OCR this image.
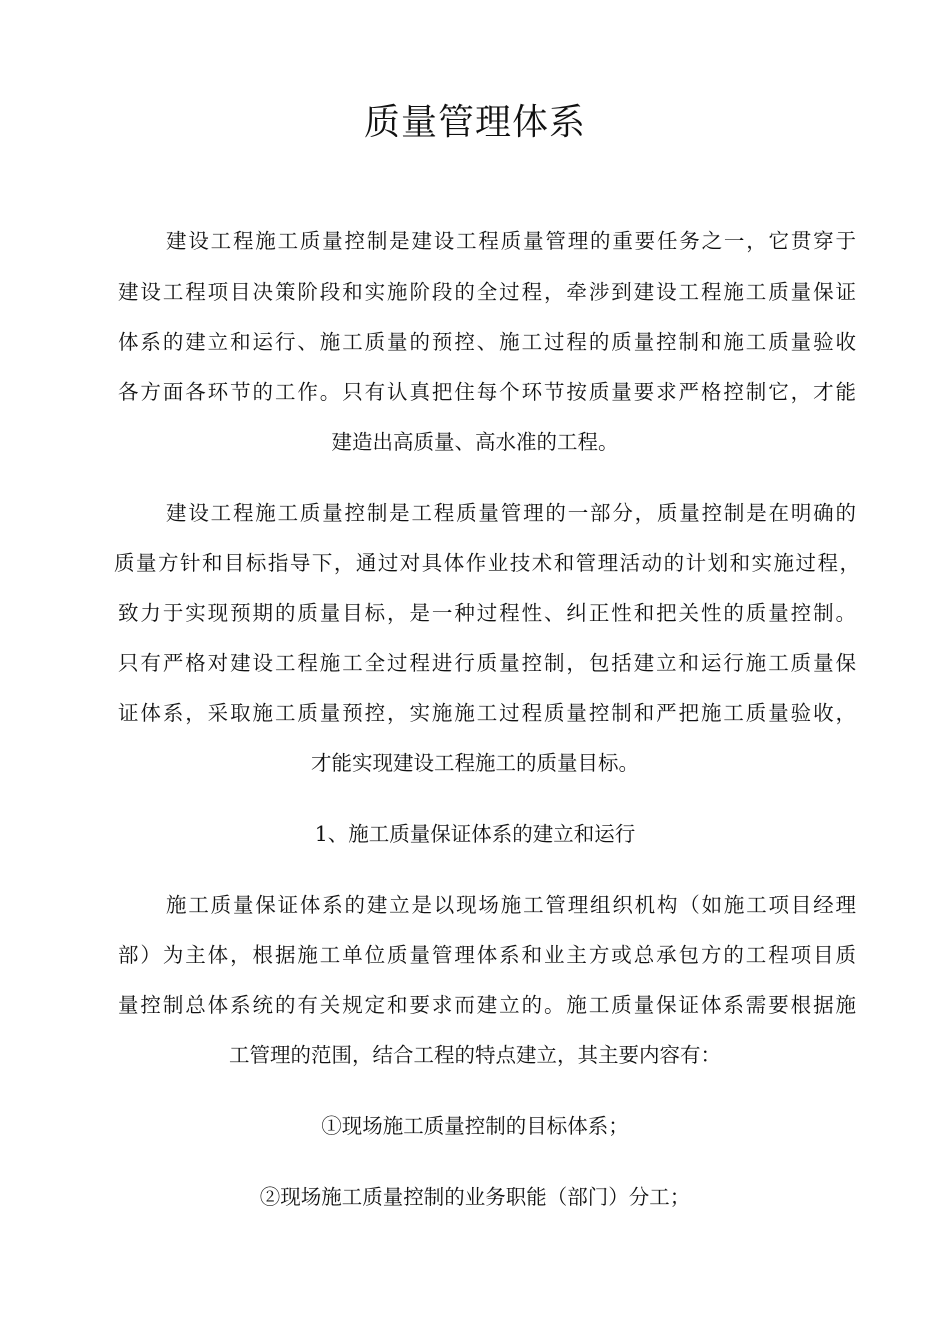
质量管理体系
建设工程施工质量控制是建设工程质量管理的重要任务之一，它贯穿于
建设工程项目决策阶段和实施阶段的全过程，牵涉到建设工程施工质量保证
体系的建立和运行、施工质量的预控、施工过程的质量控制和施工质量验收
各方面各环节的工作。只有认真把住每个环节按质量要求严格控制它，才能
建造出高质量、高水准的工程。
建设工程施工质量控制是工程质量管理的一部分，质量控制是在明确的
质量方针和目标指导下，通过对具体作业技术和管理活动的计划和实施过程，
致力于实现预期的质量目标，是一种过程性、纠正性和把关性的质量控制。
只有严格对建设工程施工全过程进行质量控制，包括建立和运行施工质量保
证体系，采取施工质量预控，实施施工过程质量控制和严把施工质量验收，
才能实现建设工程施工的质量目标。
1、施工质量保证体系的建立和运行
施工质量保证体系的建立是以现场施工管理组织机构（如施工项目经理
部）为主体，根据施工单位质量管理体系和业主方或总承包方的工程项目质
量控制总体系统的有关规定和要求而建立的。施工质量保证体系需要根据施
工管理的范围，结合工程的特点建立，其主要内容有：
①现场施工质量控制的目标体系；
②现场施工质量控制的业务职能（部门）分工；
